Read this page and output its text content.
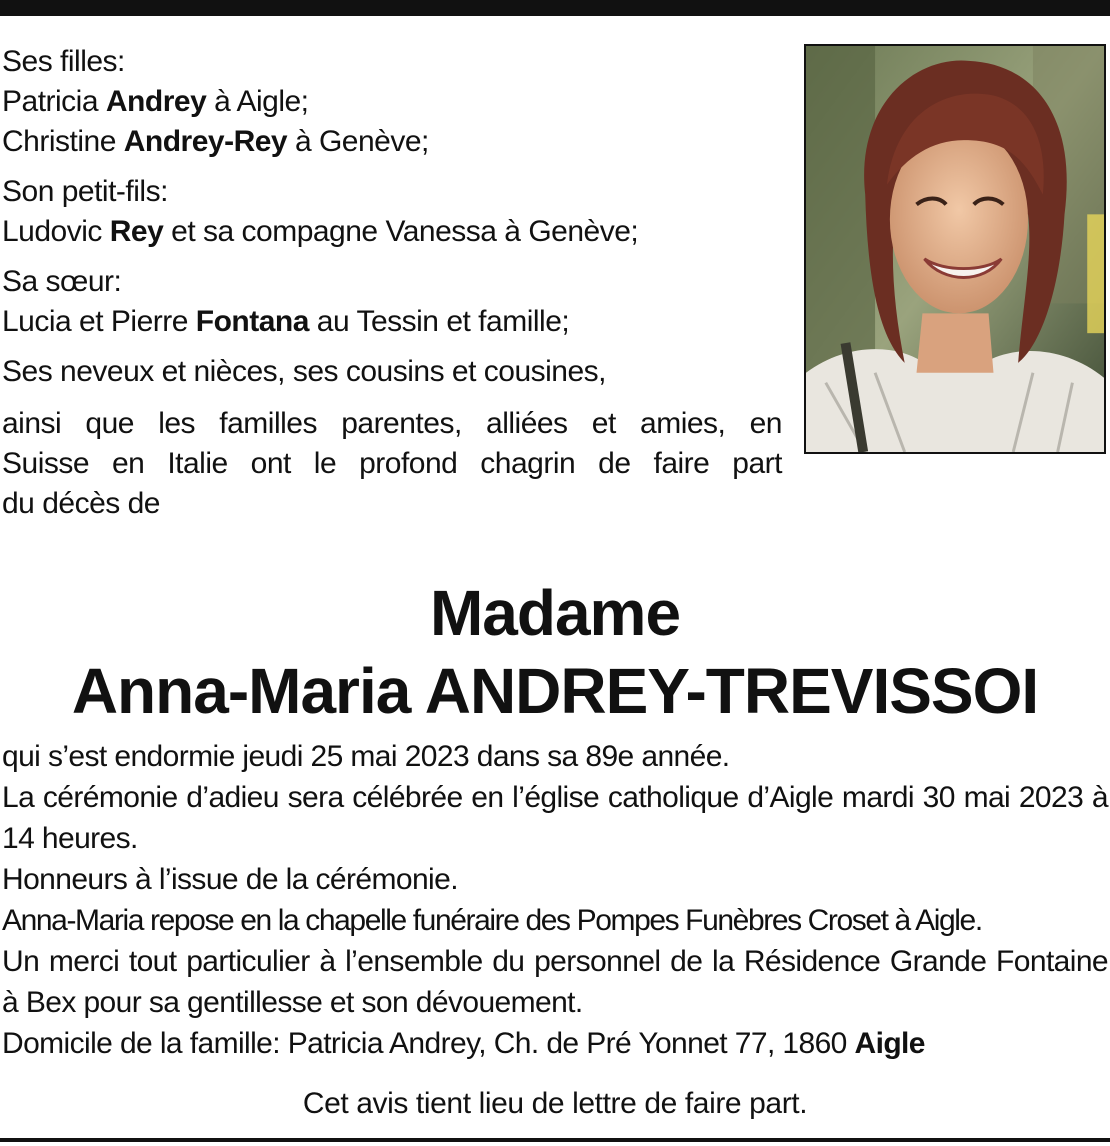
Ses filles:

Patricia Andrey à Aigle;

Christine Andrey-Rey à Genève;

Son petit-fils:

Ludovic Rey et sa compagne Vanessa à Genève;

Sa sœur:

Lucia et Pierre Fontana au Tessin et famille;

Ses neveux et nièces, ses cousins et cousines,

ainsi que les familles parentes, alliées et amies, en
Suisse en Italie ont le profond chagrin de faire part
du décès de
Madame
Anna-Maria ANDREY-TREVISSOI

qui s’est endormie jeudi 25 mai 2023 dans sa 89e année.

La cérémonie d’adieu sera célébrée en l’église catholique d’Aigle mardi 30 mai 2023 à 14 heures.

Honneurs à l’issue de la cérémonie.

Anna-Maria repose en la chapelle funéraire des Pompes Funèbres Croset à Aigle.

Un merci tout particulier à l’ensemble du personnel de la Résidence Grande Fontaine à Bex pour sa gentillesse et son dévouement.

Domicile de la famille: Patricia Andrey, Ch. de Pré Yonnet 77, 1860 Aigle

Cet avis tient lieu de lettre de faire part.
